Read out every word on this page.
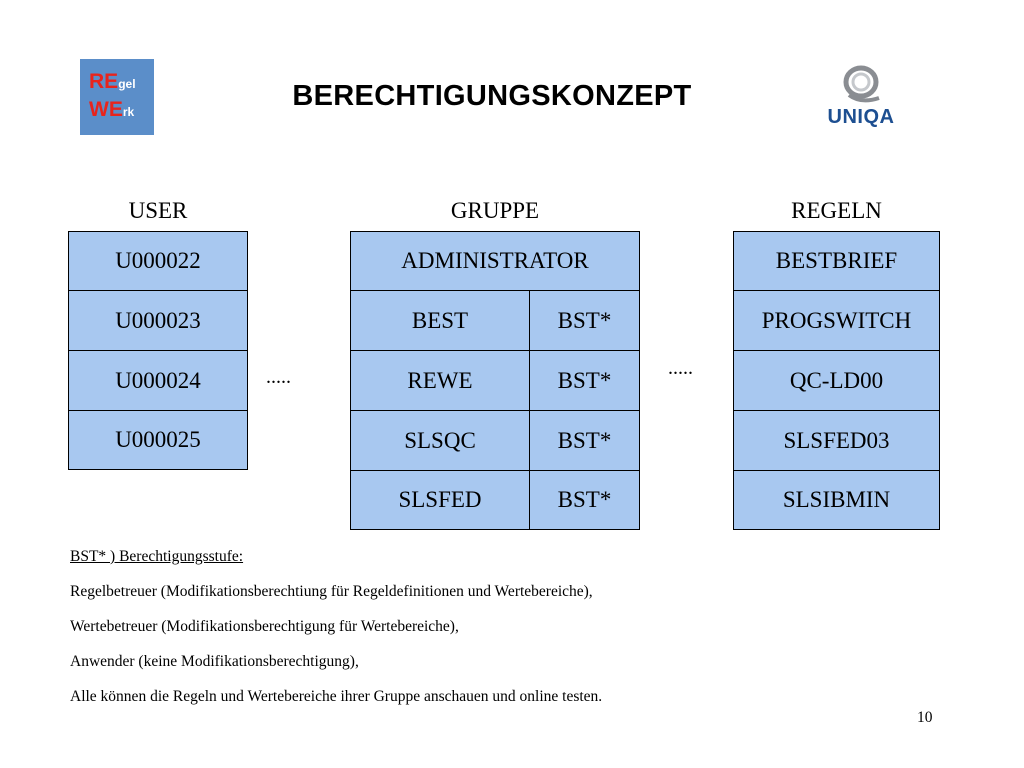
REgel
WErk	BERECHTIGUNGSKONZEPT
UNIQA
USER	GRUPPE	REGELN
U000022
U000023
U000024
U000025
.....
ADMINISTRATOR
BEST	BST*
REWE	BST*
SLSQC	BST*
SLSFED	BST*
.....
BESTBRIEF
PROGSWITCH
QC-LD00
SLSFED03
SLSIBMIN
BST* ) Berechtigungsstufe:
Regelbetreuer (Modifikationsberechtiung für Regeldefinitionen und Wertebereiche),
Wertebetreuer (Modifikationsberechtigung für Wertebereiche),
Anwender (keine Modifikationsberechtigung),
Alle können die Regeln und Wertebereiche ihrer Gruppe anschauen und online testen.
10
